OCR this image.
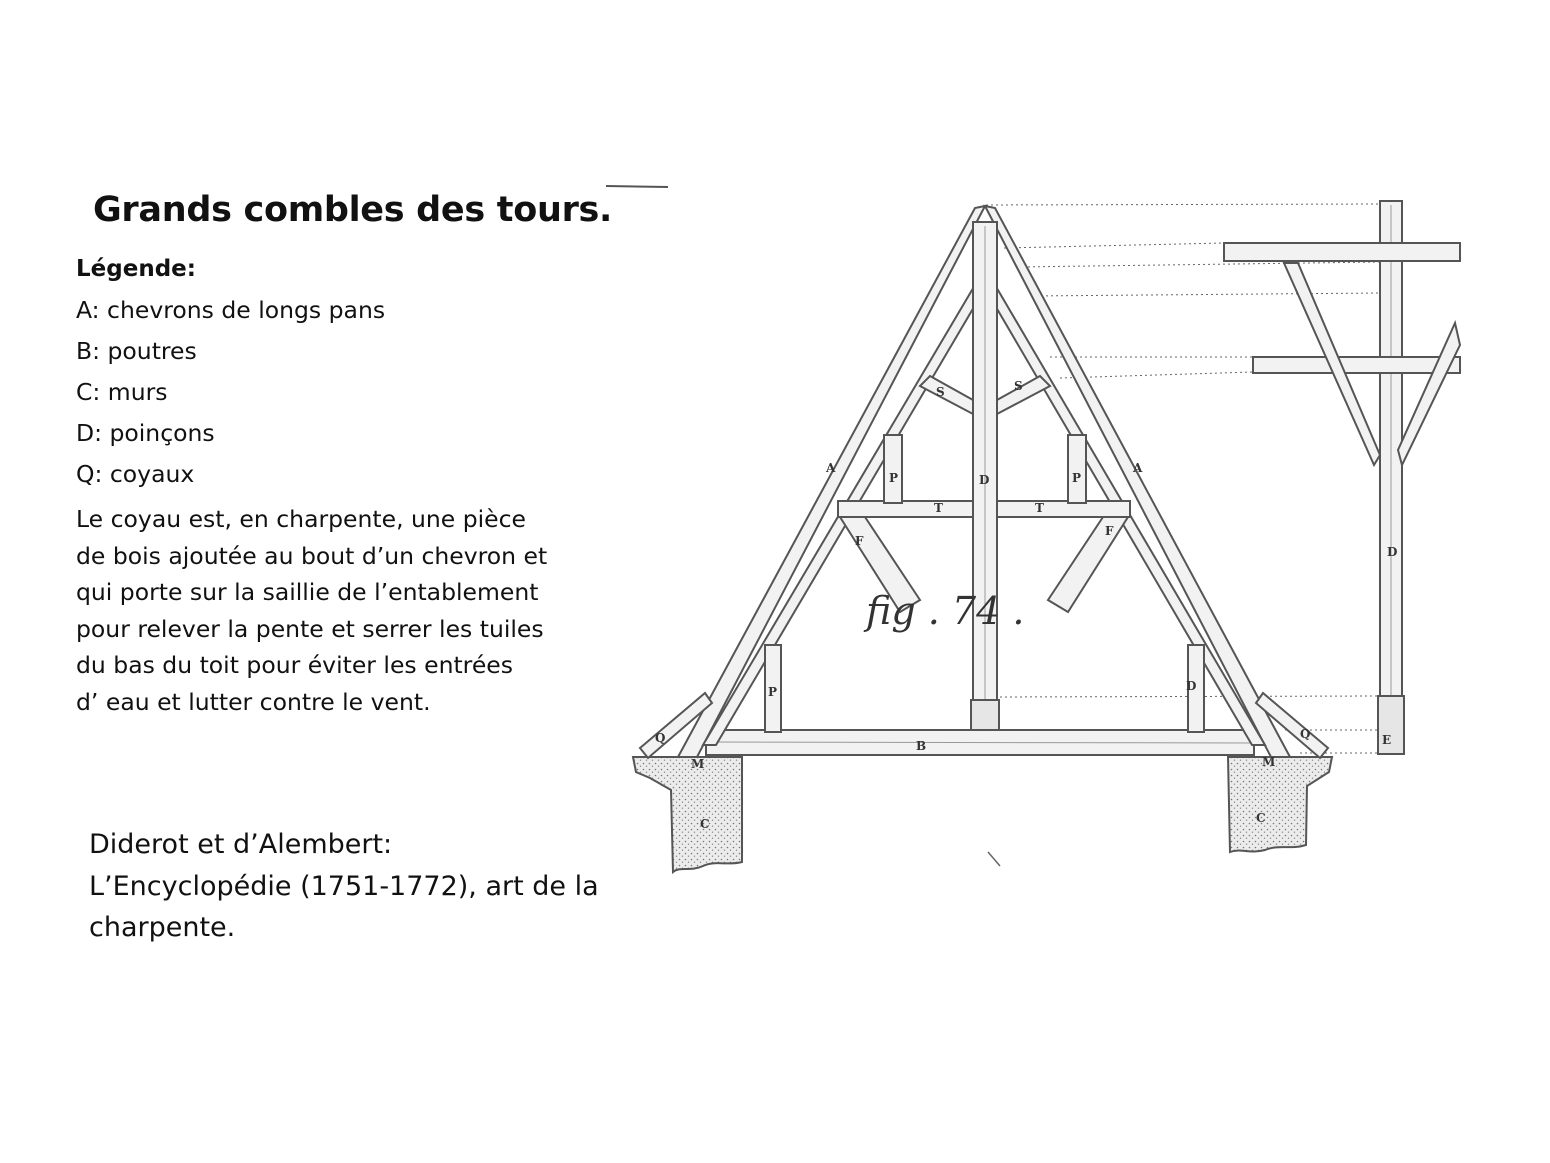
Grands combles des tours.
Légende:
A: chevrons de longs pans
B: poutres
C: murs
D: poinçons
Q: coyaux
Le coyau est, en charpente, une pièce
de bois ajoutée au bout d’un chevron et
qui porte sur la saillie de l’entablement
pour relever la pente et serrer les tuiles
du bas du toit pour éviter les entrées
d’ eau et lutter contre le vent.
Diderot et d’Alembert:
L’Encyclopédie (1751-1772), art de la
charpente.
A	A
B
C	C
D
D
D
Q	Q
T	T
S	S
P	P
P
F
F
M	M
E
fig . 74 .
